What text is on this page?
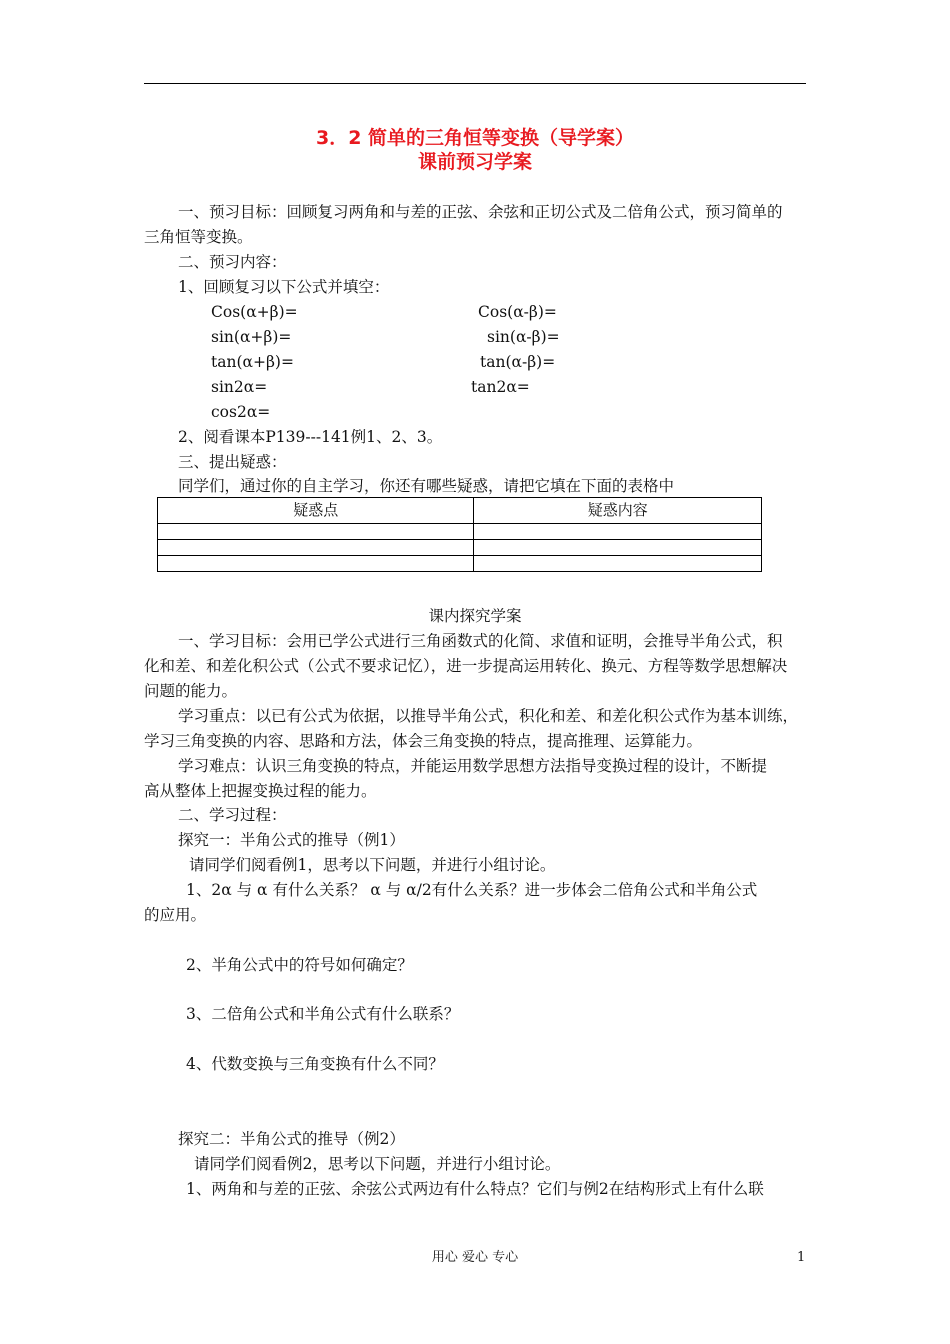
3．2 简单的三角恒等变换（导学案）
课前预习学案
一、预习目标：回顾复习两角和与差的正弦、余弦和正切公式及二倍角公式，预习简单的
三角恒等变换。
二、预习内容：
1、回顾复习以下公式并填空：
Cos(α+β)=	Cos(α-β)=
sin(α+β)=	sin(α-β)=
tan(α+β)=	tan(α-β)=
sin2α=	tan2α=
cos2α=
2、阅看课本P139---141例1、2、3。
三、提出疑惑：
同学们，通过你的自主学习，你还有哪些疑惑，请把它填在下面的表格中
疑惑点	疑惑内容

课内探究学案
一、学习目标：会用已学公式进行三角函数式的化简、求值和证明，会推导半角公式，积
化和差、和差化积公式（公式不要求记忆），进一步提高运用转化、换元、方程等数学思想解决
问题的能力。
学习重点：以已有公式为依据，以推导半角公式，积化和差、和差化积公式作为基本训练，
学习三角变换的内容、思路和方法，体会三角变换的特点，提高推理、运算能力。
学习难点：认识三角变换的特点，并能运用数学思想方法指导变换过程的设计，不断提
高从整体上把握变换过程的能力。
二、学习过程：
探究一：半角公式的推导（例1）
请同学们阅看例1，思考以下问题，并进行小组讨论。
1、2α 与 α 有什么关系？ α 与 α/2有什么关系？进一步体会二倍角公式和半角公式
的应用。
2、半角公式中的符号如何确定？
3、二倍角公式和半角公式有什么联系？
4、代数变换与三角变换有什么不同？
探究二：半角公式的推导（例2）
请同学们阅看例2，思考以下问题，并进行小组讨论。
1、两角和与差的正弦、余弦公式两边有什么特点？它们与例2在结构形式上有什么联
用心 爱心 专心	1
